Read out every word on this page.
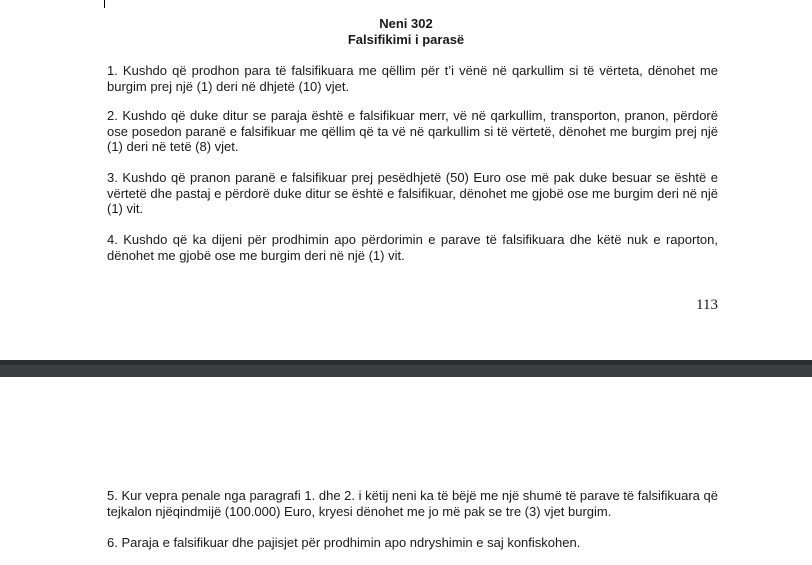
Neni 302
Falsifikimi i parasë

1. Kushdo që prodhon para të falsifikuara me qëllim për t’i vënë në qarkullim si të vërteta, dënohet me burgim prej një (1) deri në dhjetë (10) vjet.

2. Kushdo që duke ditur se paraja është e falsifikuar merr, vë në qarkullim, transporton, pranon, përdorë ose posedon paranë e falsifikuar me qëllim që ta vë në qarkullim si të vërtetë, dënohet me burgim prej një (1) deri në tetë (8) vjet.

3. Kushdo që pranon paranë e falsifikuar prej pesëdhjetë (50) Euro ose më pak duke besuar se është e vërtetë dhe pastaj e përdorë duke ditur se është e falsifikuar, dënohet me gjobë ose me burgim deri në një (1) vit.

4. Kushdo që ka dijeni për prodhimin apo përdorimin e parave të falsifikuara dhe këtë nuk e raporton, dënohet me gjobë ose me burgim deri në një (1) vit.

113

5. Kur vepra penale nga paragrafi 1. dhe 2. i këtij neni ka të bëjë me një shumë të parave të falsifikuara që tejkalon njëqindmijë (100.000) Euro, kryesi dënohet me jo më pak se tre (3) vjet burgim.

6. Paraja e falsifikuar dhe pajisjet për prodhimin apo ndryshimin e saj konfiskohen.
